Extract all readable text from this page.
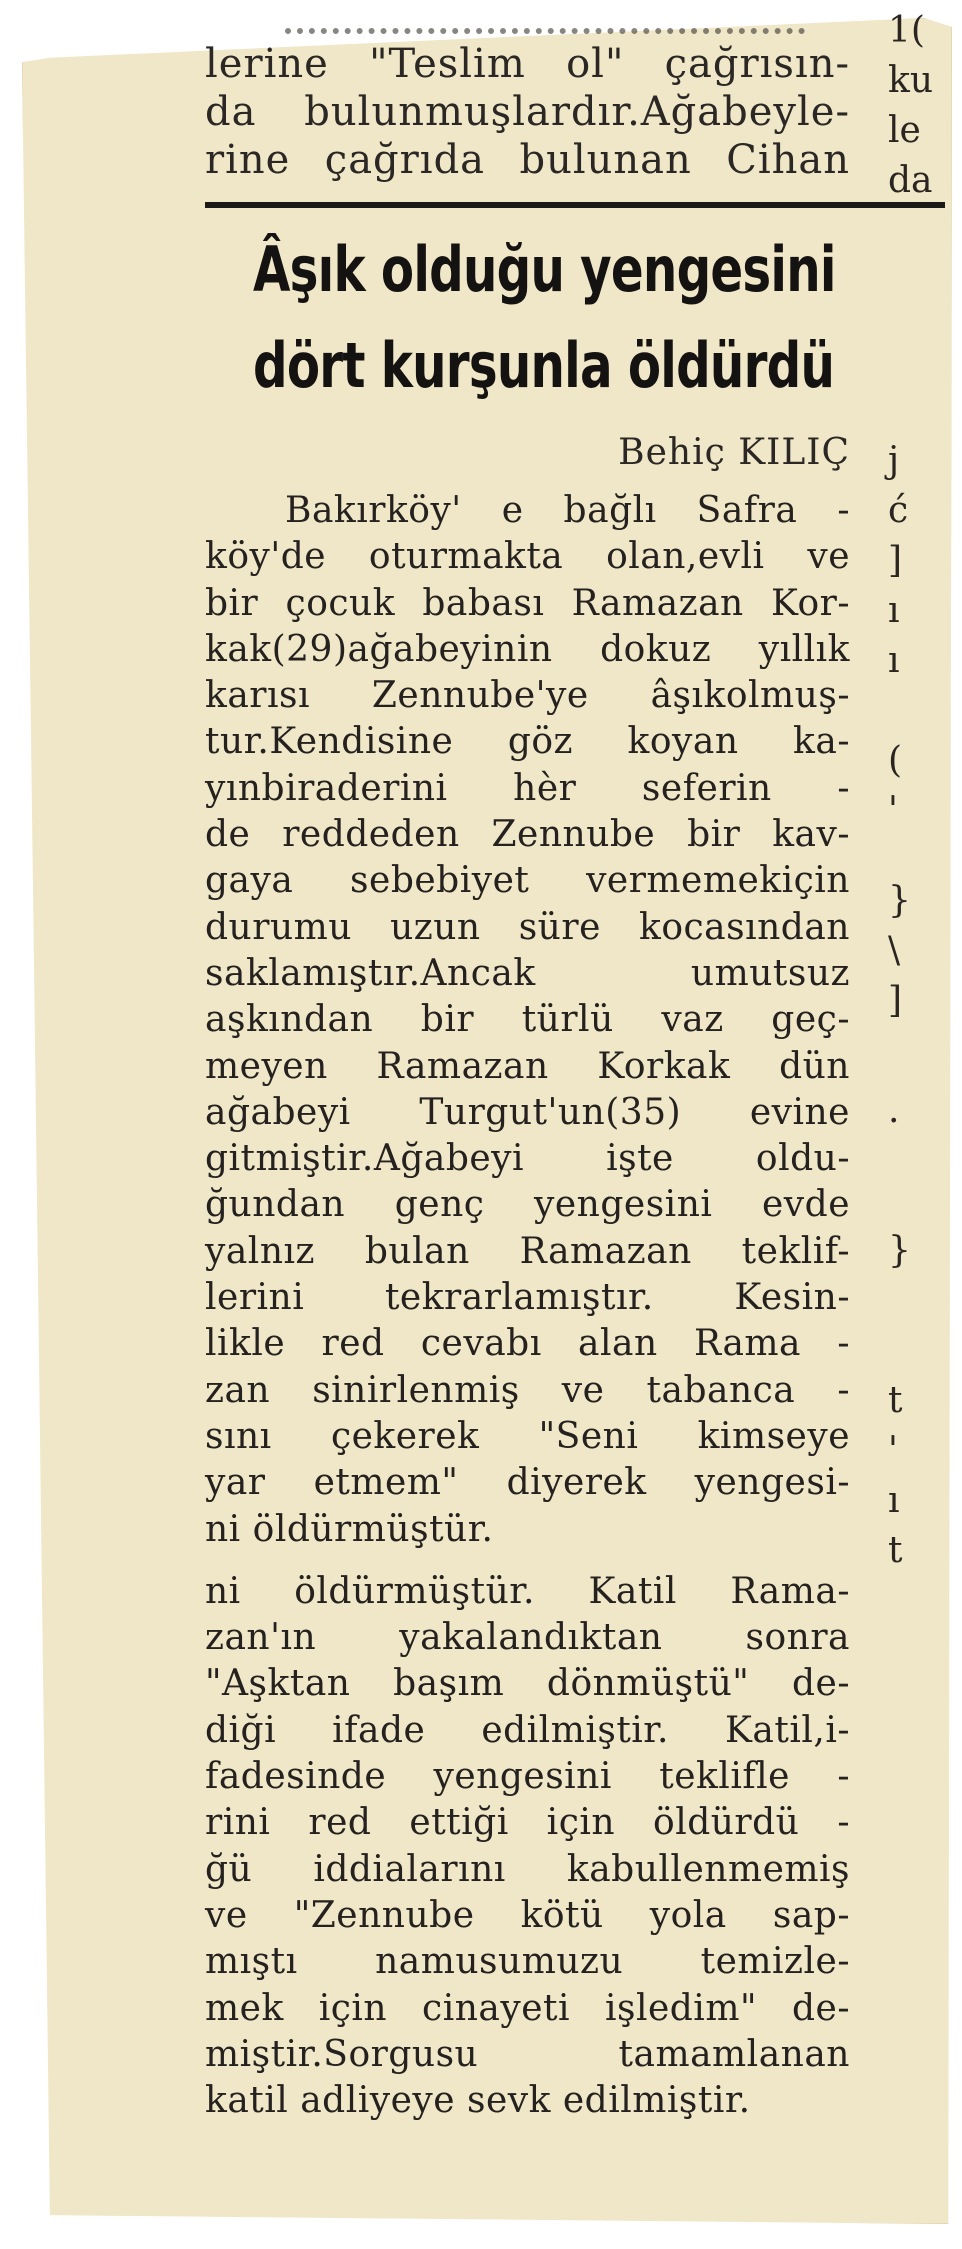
lerine "Teslim ol" çağrısın-
da bulunmuşlardır.Ağabeyle-
rine çağrıda bulunan Cihan
Âşık olduğu yengesini
dört kurşunla öldürdü
Behiç KILIÇ
Bakırköy' e bağlı Safra -
köy'de oturmakta olan,evli ve
bir çocuk babası Ramazan Kor-
kak(29)ağabeyinin dokuz yıllık
karısı Zennube'ye âşıkolmuş-
tur.Kendisine göz koyan ka-
yınbiraderini hèr seferin -
de reddeden Zennube bir kav-
gaya sebebiyet vermemekiçin
durumu uzun süre kocasından
saklamıştır.Ancak umutsuz
aşkından bir türlü vaz geç-
meyen Ramazan Korkak dün
ağabeyi Turgut'un(35) evine
gitmiştir.Ağabeyi işte oldu-
ğundan genç yengesini evde
yalnız bulan Ramazan teklif-
lerini tekrarlamıştır. Kesin-
likle red cevabı alan Rama -
zan sinirlenmiş ve tabanca -
sını çekerek "Seni kimseye
yar etmem" diyerek yengesi-
ni öldürmüştür.
ni öldürmüştür. Katil Rama-
zan'ın yakalandıktan sonra
"Aşktan başım dönmüştü" de-
diği ifade edilmiştir. Katil,i-
fadesinde yengesini teklifle -
rini red ettiği için öldürdü -
ğü iddialarını kabullenmemiş
ve "Zennube kötü yola sap-
mıştı namusumuzu temizle-
mek için cinayeti işledim" de-
miştir.Sorgusu tamamlanan
katil adliyeye sevk edilmiştir.
1(
ku
le
da
j
ć
]
ı
ı
(
'
}
\
]
.
}
t
'
ı
t
